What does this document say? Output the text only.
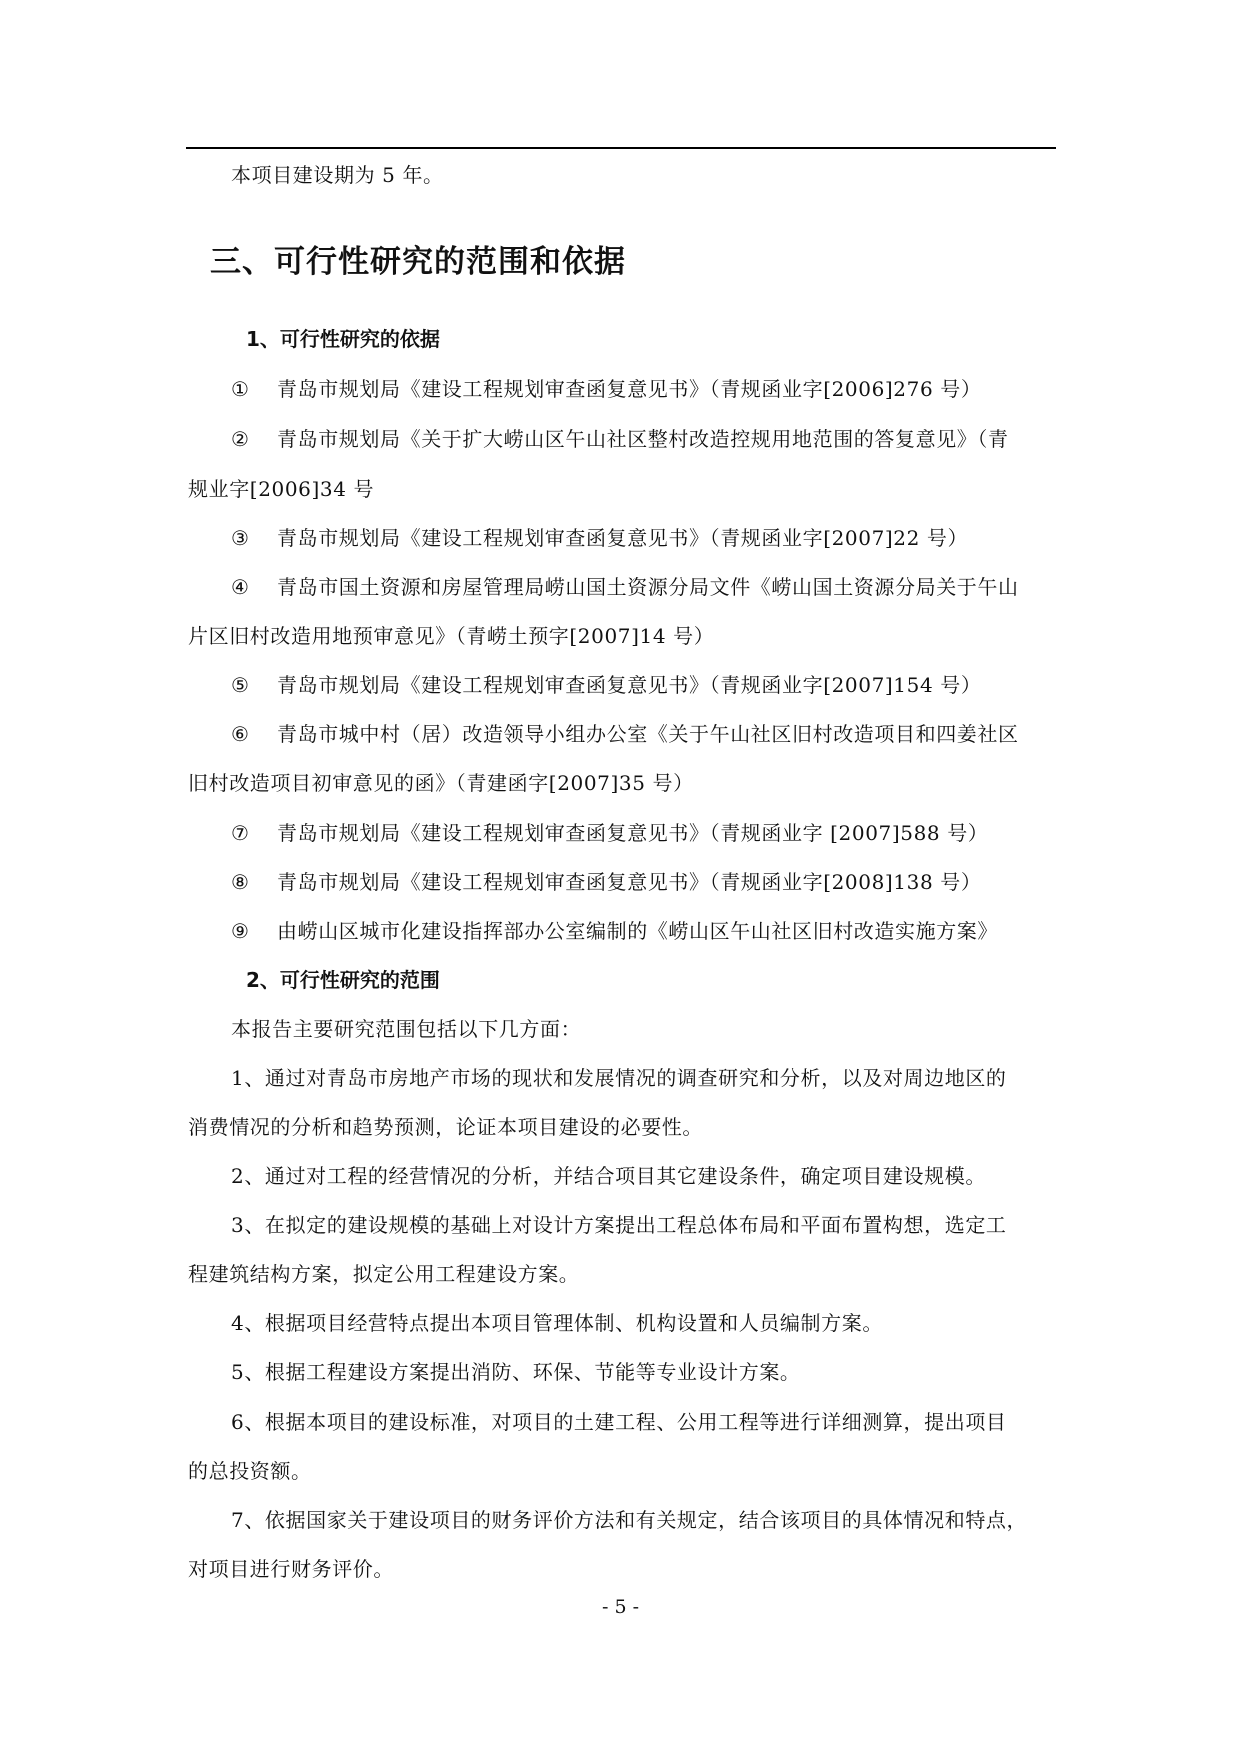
本项目建设期为 5 年。
三、可行性研究的范围和依据
1、可行性研究的依据
① 青岛市规划局《建设工程规划审查函复意见书》（青规函业字[2006]276 号）
② 青岛市规划局《关于扩大崂山区午山社区整村改造控规用地范围的答复意见》（青
规业字[2006]34 号
③ 青岛市规划局《建设工程规划审查函复意见书》（青规函业字[2007]22 号）
④ 青岛市国土资源和房屋管理局崂山国土资源分局文件《崂山国土资源分局关于午山
片区旧村改造用地预审意见》（青崂土预字[2007]14 号）
⑤ 青岛市规划局《建设工程规划审查函复意见书》（青规函业字[2007]154 号）
⑥ 青岛市城中村（居）改造领导小组办公室《关于午山社区旧村改造项目和四姜社区
旧村改造项目初审意见的函》（青建函字[2007]35 号）
⑦ 青岛市规划局《建设工程规划审查函复意见书》（青规函业字 [2007]588 号）
⑧ 青岛市规划局《建设工程规划审查函复意见书》（青规函业字[2008]138 号）
⑨ 由崂山区城市化建设指挥部办公室编制的《崂山区午山社区旧村改造实施方案》
2、可行性研究的范围
本报告主要研究范围包括以下几方面：
1、通过对青岛市房地产市场的现状和发展情况的调查研究和分析，以及对周边地区的
消费情况的分析和趋势预测，论证本项目建设的必要性。
2、通过对工程的经营情况的分析，并结合项目其它建设条件，确定项目建设规模。
3、在拟定的建设规模的基础上对设计方案提出工程总体布局和平面布置构想，选定工
程建筑结构方案，拟定公用工程建设方案。
4、根据项目经营特点提出本项目管理体制、机构设置和人员编制方案。
5、根据工程建设方案提出消防、环保、节能等专业设计方案。
6、根据本项目的建设标准，对项目的土建工程、公用工程等进行详细测算，提出项目
的总投资额。
7、依据国家关于建设项目的财务评价方法和有关规定，结合该项目的具体情况和特点，
对项目进行财务评价。
- 5 -
